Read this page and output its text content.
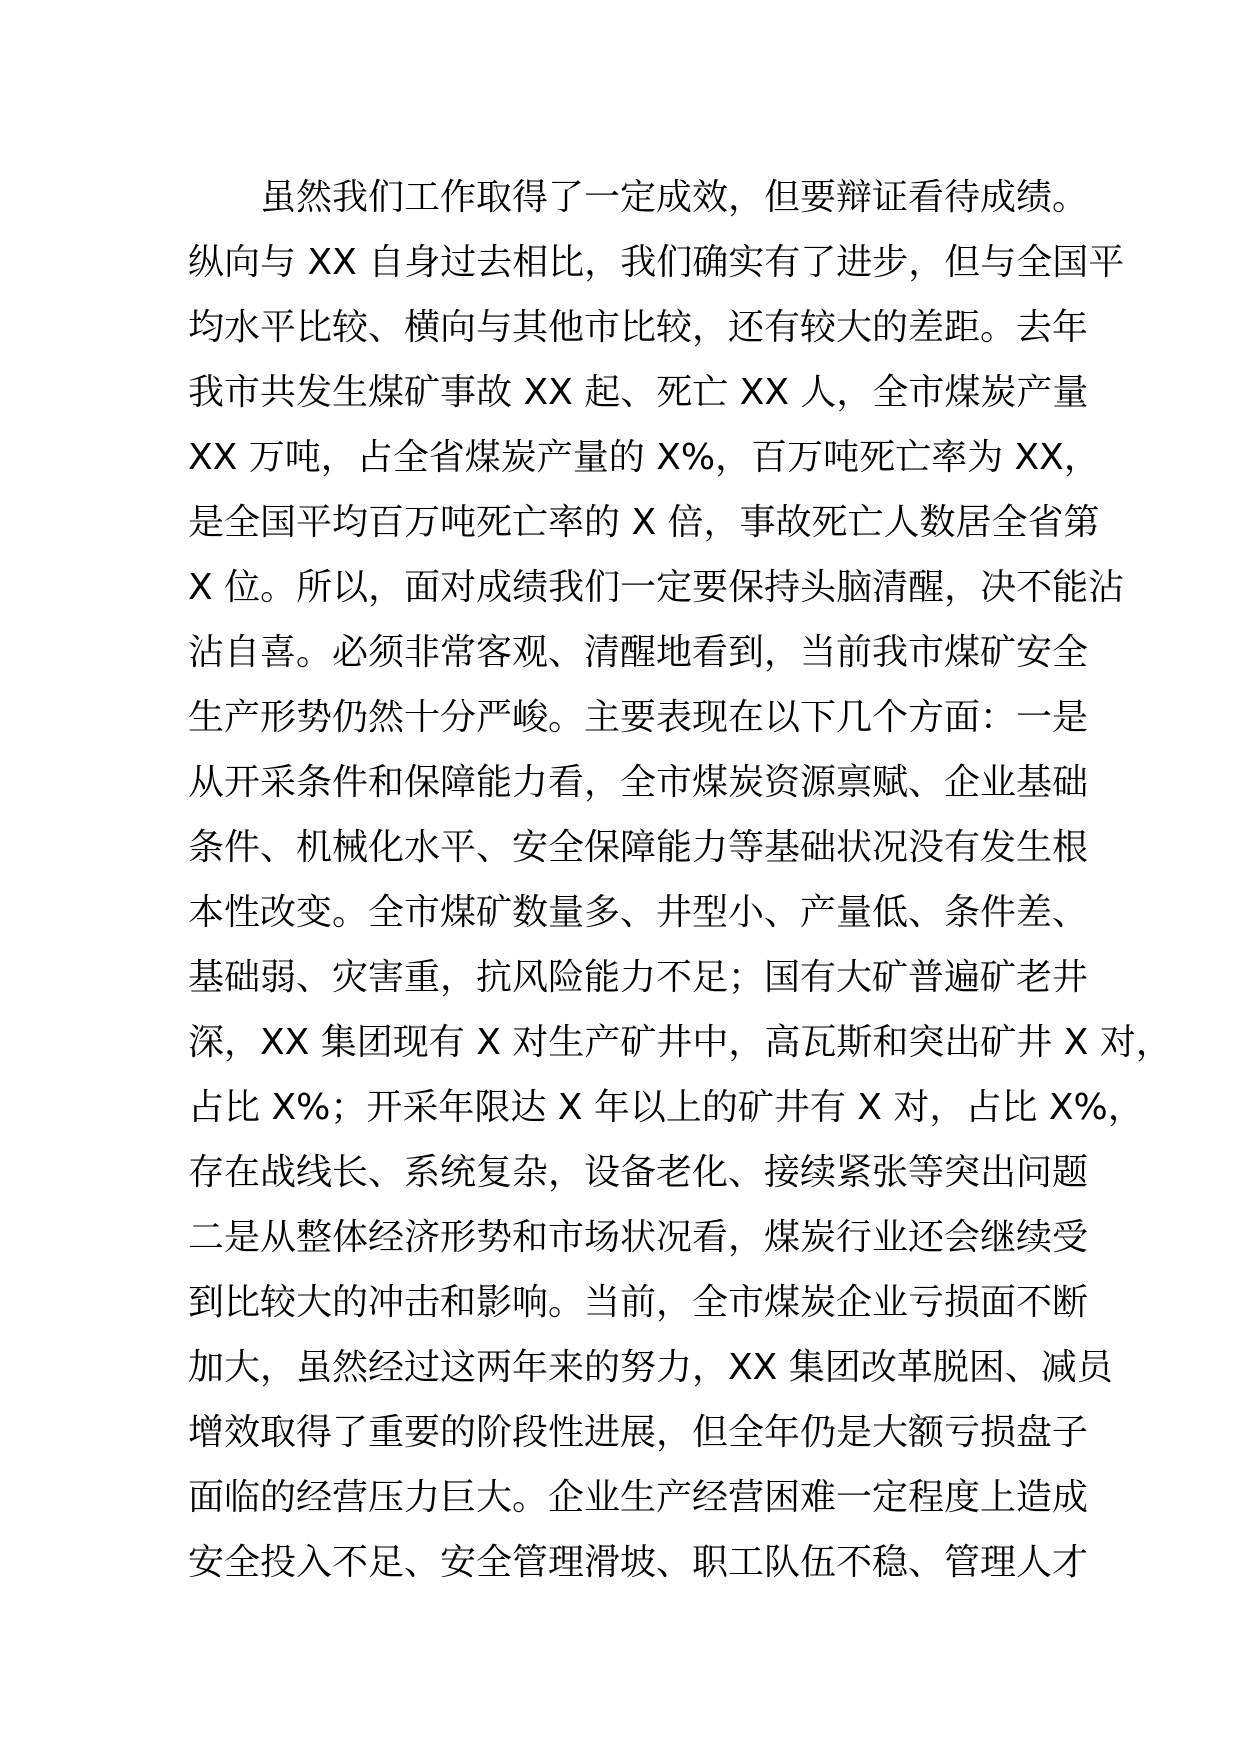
　　虽然我们工作取得了一定成效，但要辩证看待成绩。
纵向与 XX 自身过去相比，我们确实有了进步，但与全国平
均水平比较、横向与其他市比较，还有较大的差距。去年
我市共发生煤矿事故 XX 起、死亡 XX 人，全市煤炭产量
XX 万吨，占全省煤炭产量的 X%，百万吨死亡率为 XX，
是全国平均百万吨死亡率的 X 倍，事故死亡人数居全省第
X 位。所以，面对成绩我们一定要保持头脑清醒，决不能沾
沾自喜。必须非常客观、清醒地看到，当前我市煤矿安全
生产形势仍然十分严峻。主要表现在以下几个方面：一是
从开采条件和保障能力看，全市煤炭资源禀赋、企业基础
条件、机械化水平、安全保障能力等基础状况没有发生根
本性改变。全市煤矿数量多、井型小、产量低、条件差、
基础弱、灾害重，抗风险能力不足；国有大矿普遍矿老井
深，XX 集团现有 X 对生产矿井中，高瓦斯和突出矿井 X 对，
占比 X%；开采年限达 X 年以上的矿井有 X 对，占比 X%，
存在战线长、系统复杂，设备老化、接续紧张等突出问题
二是从整体经济形势和市场状况看，煤炭行业还会继续受
到比较大的冲击和影响。当前，全市煤炭企业亏损面不断
加大，虽然经过这两年来的努力，XX 集团改革脱困、减员
增效取得了重要的阶段性进展，但全年仍是大额亏损盘子
面临的经营压力巨大。企业生产经营困难一定程度上造成
安全投入不足、安全管理滑坡、职工队伍不稳、管理人才
